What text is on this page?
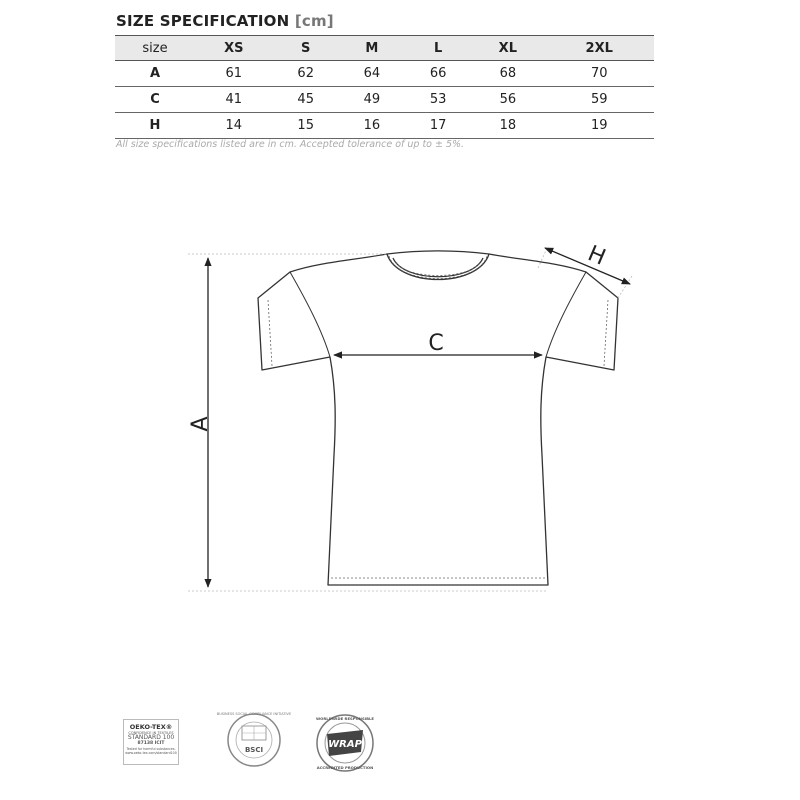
SIZE SPECIFICATION [cm]
size	XS	S	M	L	XL	2XL
A	61	62	64	66	68	70
C	41	45	49	53	56	59
H	14	15	16	17	18	19
All size specifications listed are in cm. Accepted tolerance of up to ± 5%.
A
C
H
BSCI
BUSINESS SOCIAL COMPLIANCE INITIATIVE
WRAP
WORLDWIDE RESPONSIBLE
ACCREDITED PRODUCTION
OEKO-TEX®
CONFIDENCE IN TEXTILES
STANDARD 100
87138 ICIT
Tested for harmful substances.
www.oeko-tex.com/standard100
